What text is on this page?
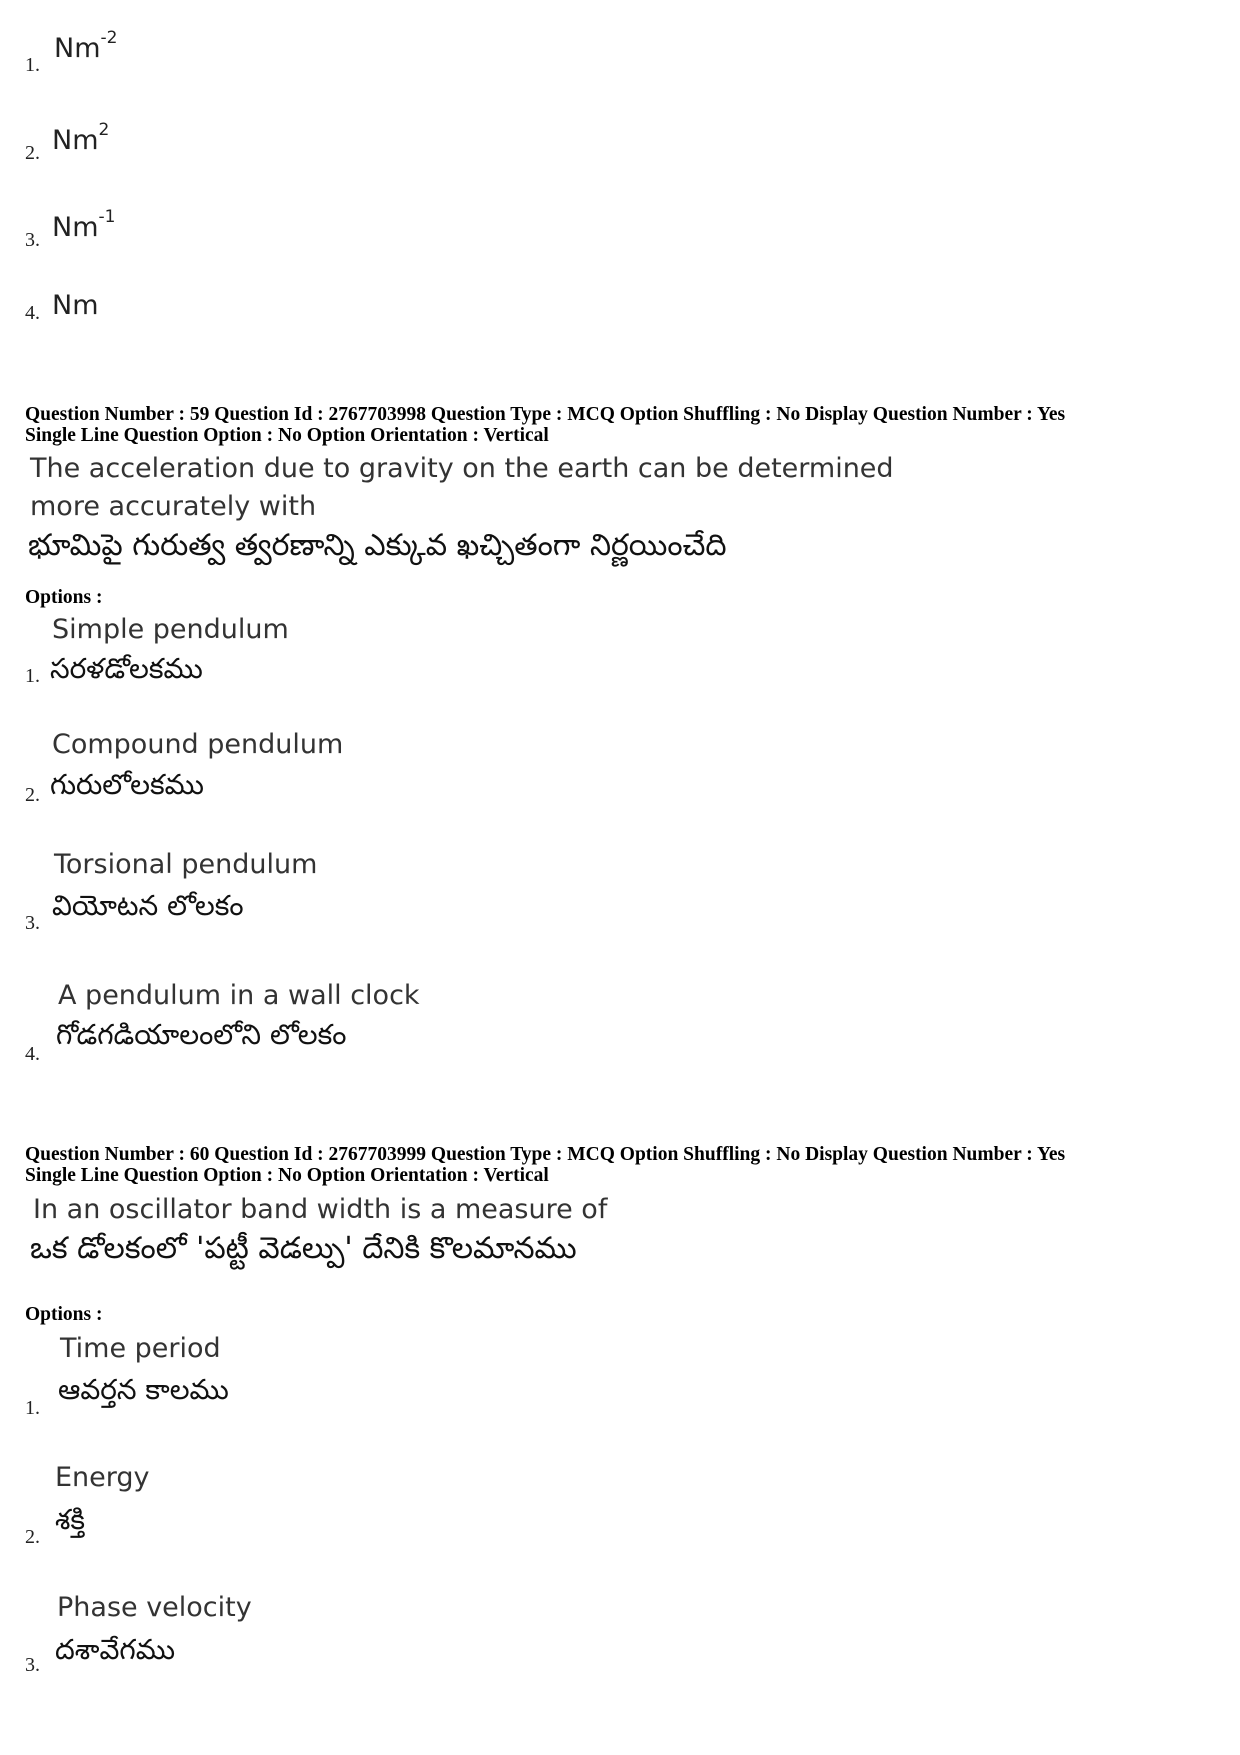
1.
$Nm^{-2}$
2. Nm$^2$
3. $Nm^{-1}$
4. Nm
Question Number : 59 Question Id : 2767703998 Question Type : MCQ Option Shuffling : No Display Question Number : Yes
Single Line Question Option : No Option Orientation : Vertical
The acceleration due to gravity on the earth can be determined
more accurately with
భూమిపై గురుత్వ త్వరణాన్ని ఎక్కువ ఖచ్చితంగా నిర్ణయించేది
Options :
1.
Simple pendulum
సరళడోలకము
2.
Compound pendulum
గురులోలకము
3.
Torsional pendulum
వియోటన లోలకం
4.
A pendulum in a wall clock
గోడగడియాలంలోని లోలకం
Question Number : 60 Question Id : 2767703999 Question Type : MCQ Option Shuffling : No Display Question Number : Yes
Single Line Question Option : No Option Orientation : Vertical
In an oscillator band width is a measure of
ఒక డోలకంలో 'పట్టీ వెడల్పు' దేనికి కొలమానము
Options :
1.
Time period
ఆవర్తన కాలము
2.
Energy
శక్తి
3.
Phase velocity
దశావేగము
